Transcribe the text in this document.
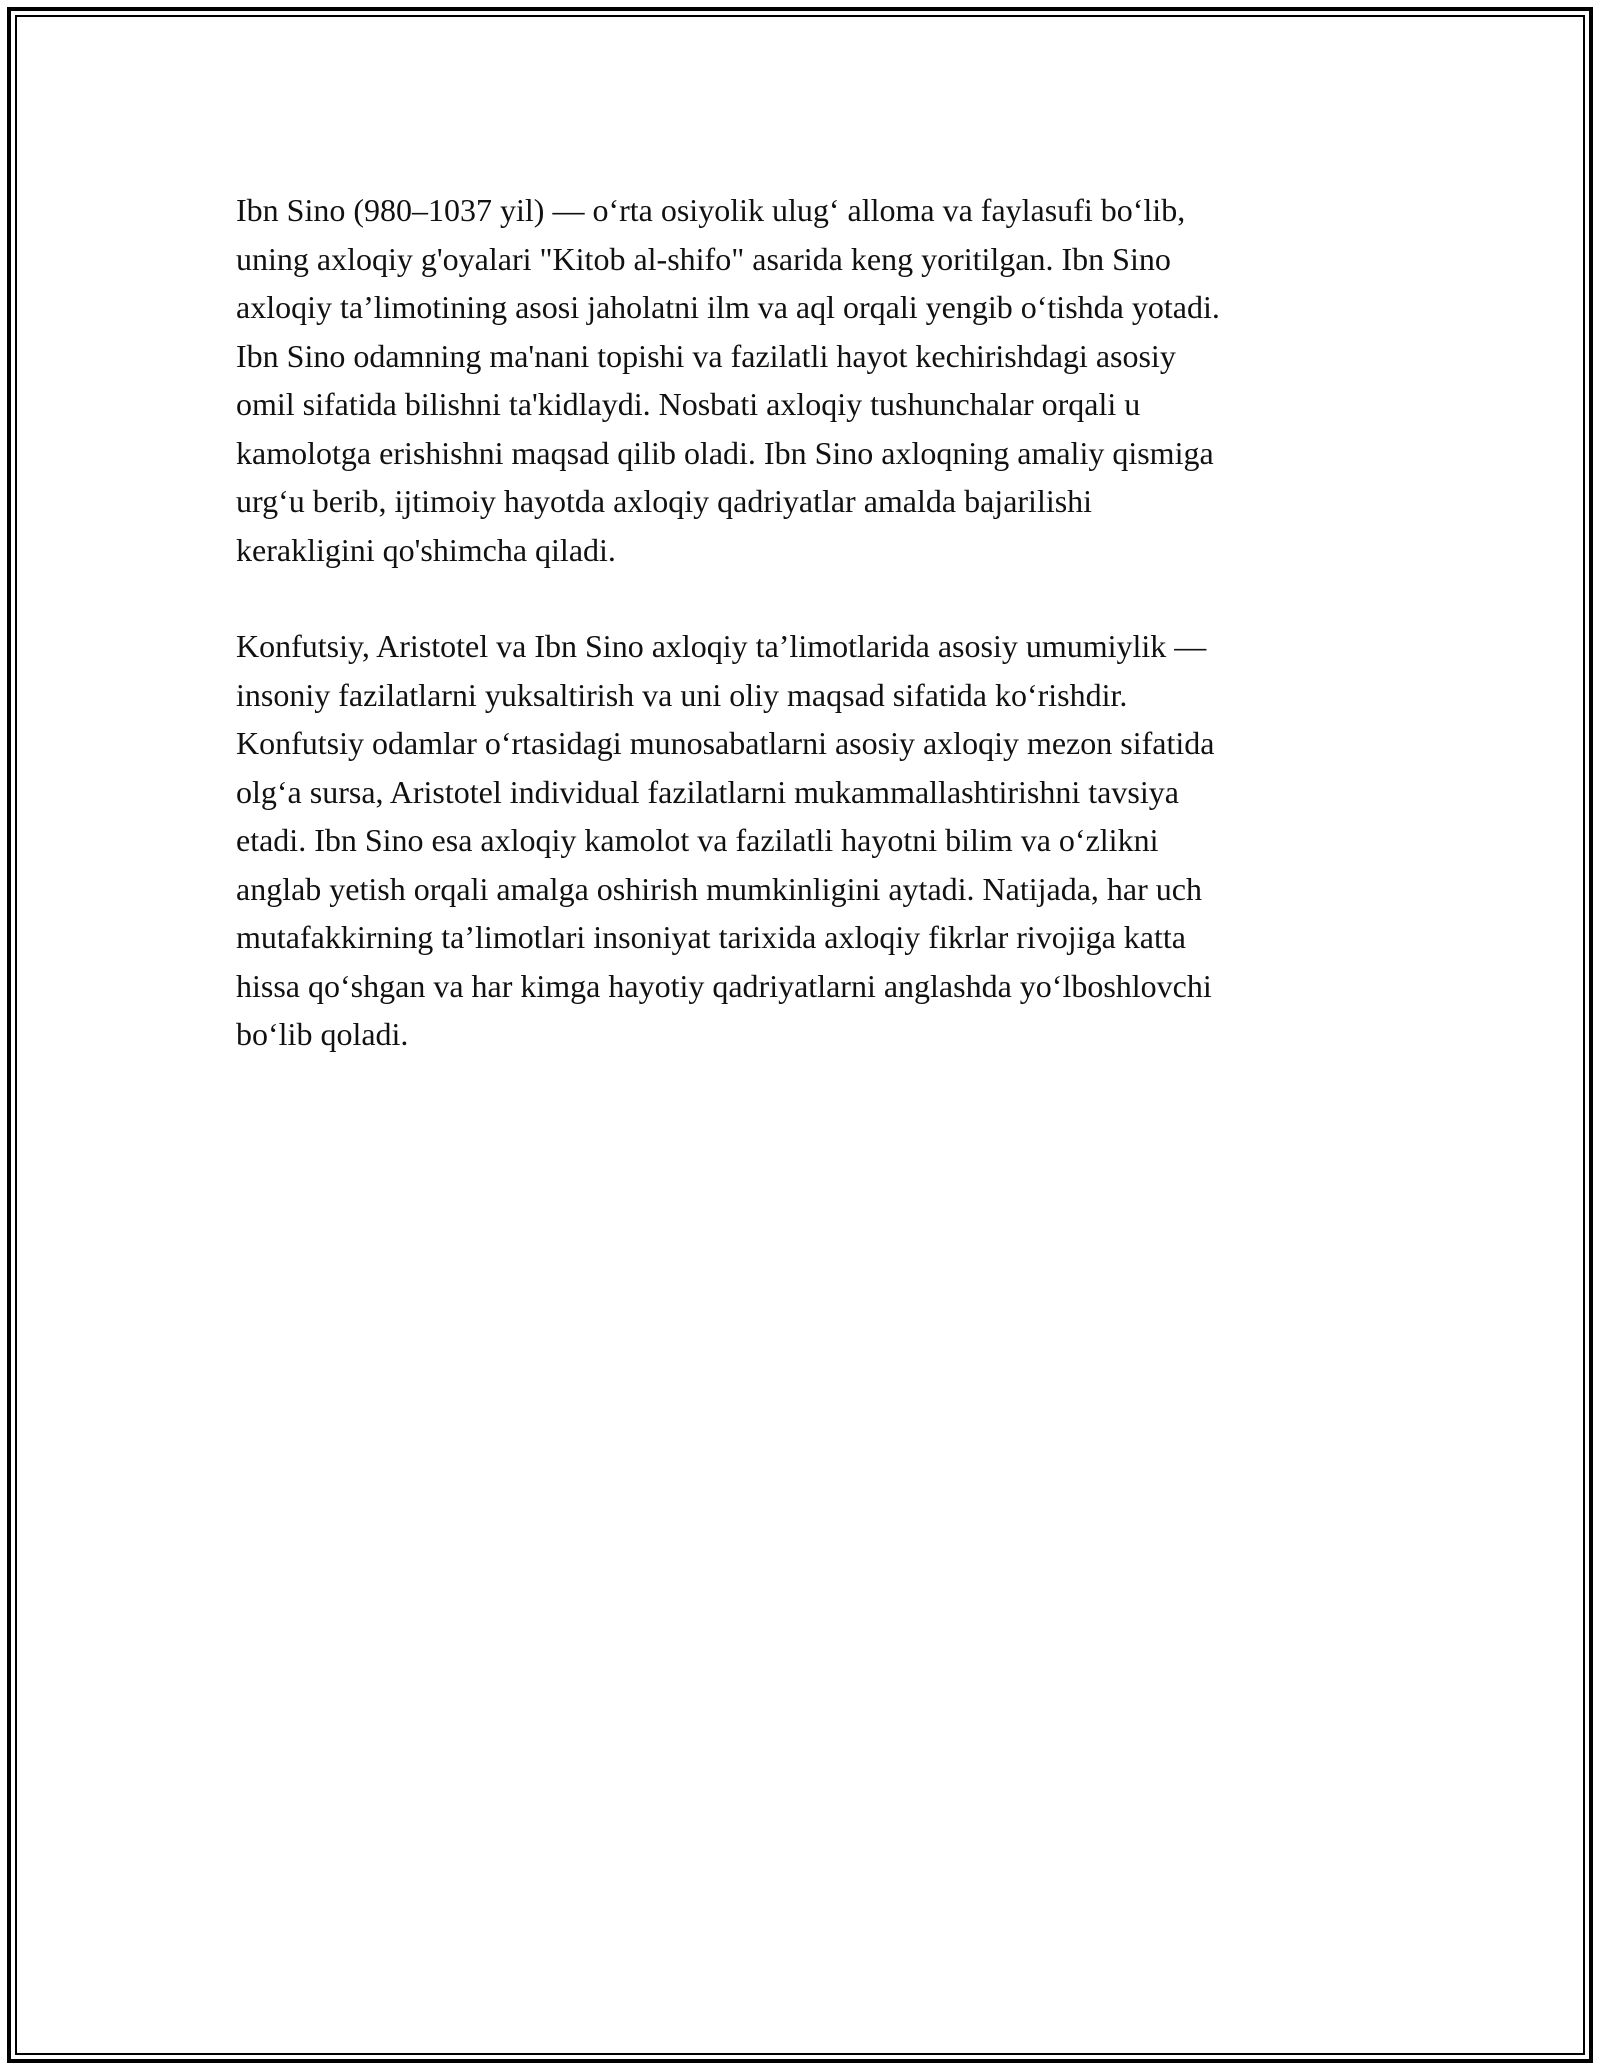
Ibn Sino (980–1037 yil) — o‘rta osiyolik ulug‘ alloma va faylasufi bo‘lib,
uning axloqiy g'oyalari "Kitob al-shifo" asarida keng yoritilgan. Ibn Sino
axloqiy ta’limotining asosi jaholatni ilm va aql orqali yengib o‘tishda yotadi.
Ibn Sino odamning ma'nani topishi va fazilatli hayot kechirishdagi asosiy
omil sifatida bilishni ta'kidlaydi. Nosbati axloqiy tushunchalar orqali u
kamolotga erishishni maqsad qilib oladi. Ibn Sino axloqning amaliy qismiga
urg‘u berib, ijtimoiy hayotda axloqiy qadriyatlar amalda bajarilishi
kerakligini qo'shimcha qiladi.

Konfutsiy, Aristotel va Ibn Sino axloqiy ta’limotlarida asosiy umumiylik —
insoniy fazilatlarni yuksaltirish va uni oliy maqsad sifatida ko‘rishdir.
Konfutsiy odamlar o‘rtasidagi munosabatlarni asosiy axloqiy mezon sifatida
olg‘a sursa, Aristotel individual fazilatlarni mukammallashtirishni tavsiya
etadi. Ibn Sino esa axloqiy kamolot va fazilatli hayotni bilim va o‘zlikni
anglab yetish orqali amalga oshirish mumkinligini aytadi. Natijada, har uch
mutafakkirning ta’limotlari insoniyat tarixida axloqiy fikrlar rivojiga katta
hissa qo‘shgan va har kimga hayotiy qadriyatlarni anglashda yo‘lboshlovchi
bo‘lib qoladi.
